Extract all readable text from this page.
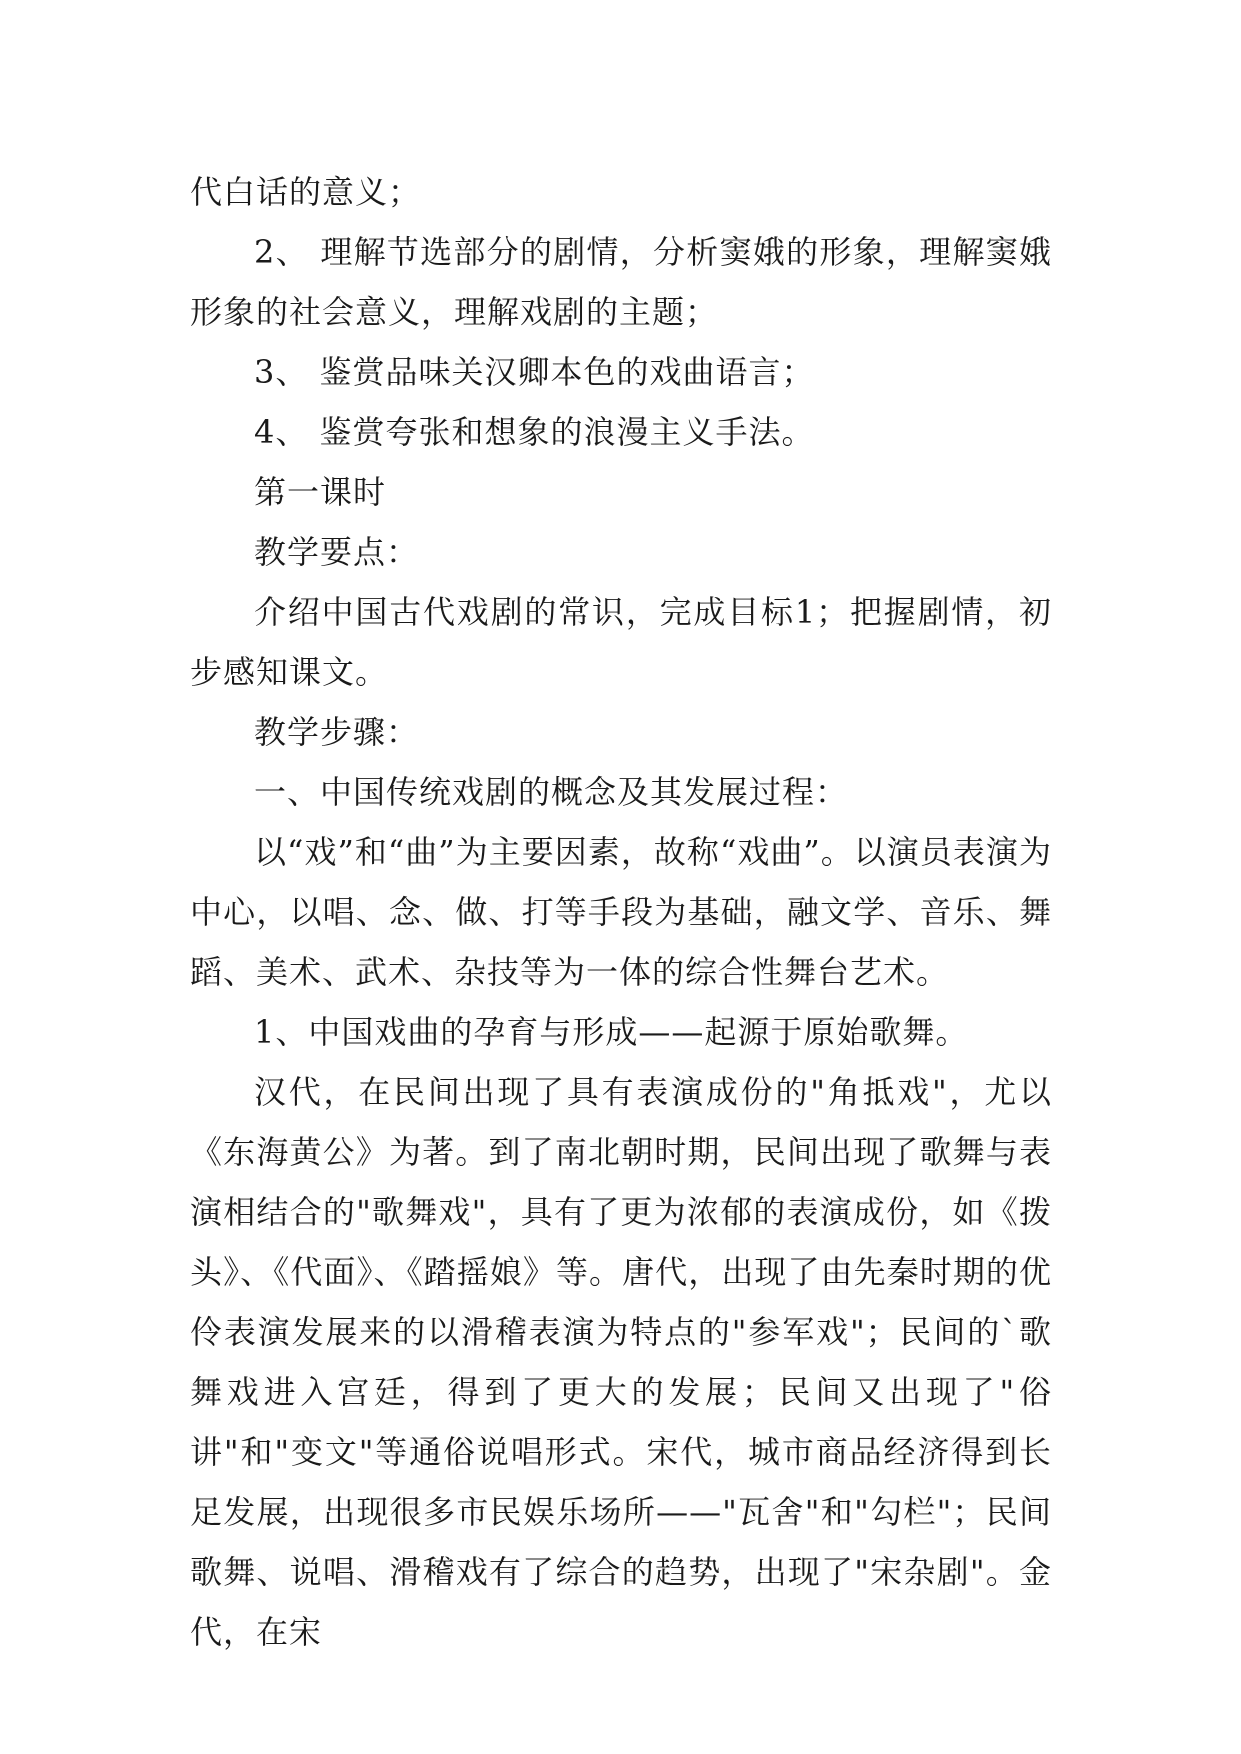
代白话的意义；

2、 理解节选部分的剧情，分析窦娥的形象，理解窦娥形象的社会意义，理解戏剧的主题；

3、 鉴赏品味关汉卿本色的戏曲语言；

4、 鉴赏夸张和想象的浪漫主义手法。

第一课时

教学要点：

介绍中国古代戏剧的常识，完成目标1；把握剧情，初步感知课文。

教学步骤：

一、中国传统戏剧的概念及其发展过程：

以“戏”和“曲”为主要因素，故称“戏曲”。以演员表演为中心，以唱、念、做、打等手段为基础，融文学、音乐、舞蹈、美术、武术、杂技等为一体的综合性舞台艺术。

1、中国戏曲的孕育与形成——起源于原始歌舞。

汉代，在民间出现了具有表演成份的"角抵戏"，尤以《东海黄公》为著。到了南北朝时期，民间出现了歌舞与表演相结合的"歌舞戏"，具有了更为浓郁的表演成份，如《拨头》、《代面》、《踏摇娘》等。唐代，出现了由先秦时期的优伶表演发展来的以滑稽表演为特点的"参军戏"；民间的`歌舞戏进入宫廷，得到了更大的发展；民间又出现了"俗讲"和"变文"等通俗说唱形式。宋代，城市商品经济得到长足发展，出现很多市民娱乐场所——"瓦舍"和"勾栏"；民间歌舞、说唱、滑稽戏有了综合的趋势，出现了"宋杂剧"。金代，在宋
